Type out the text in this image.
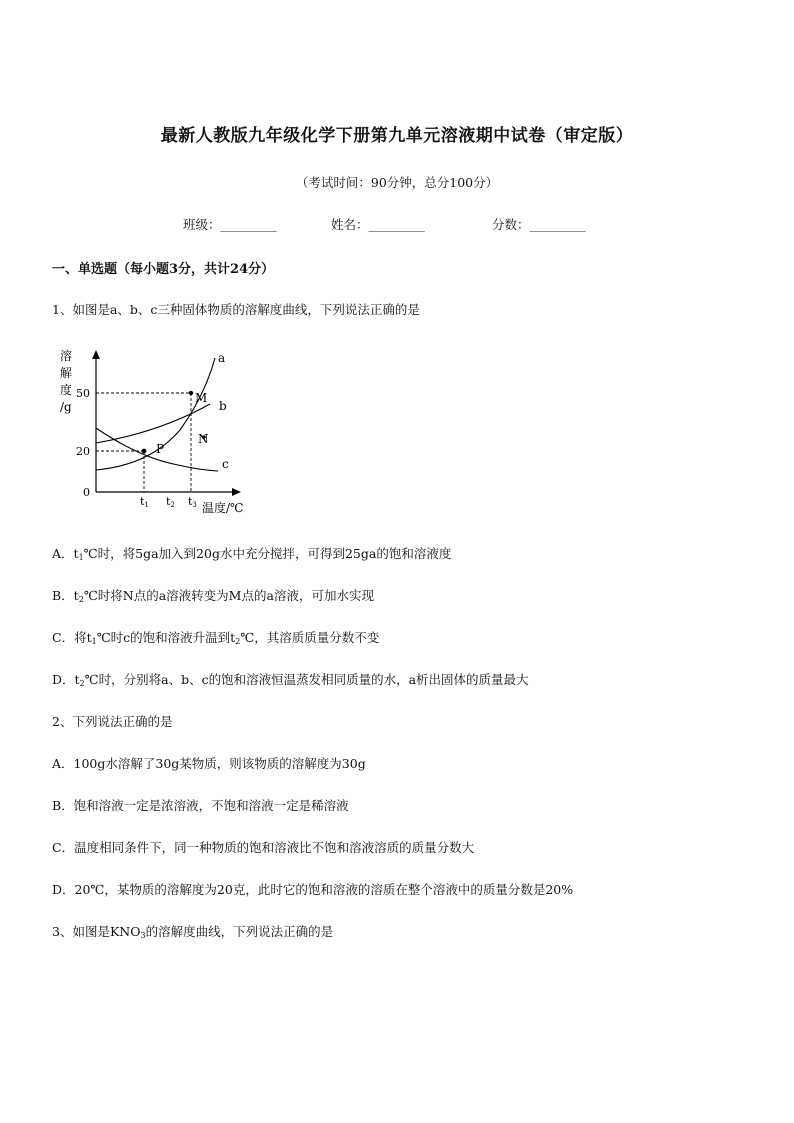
最新人教版九年级化学下册第九单元溶液期中试卷（审定版）
（考试时间：90分钟，总分100分）
班级：_________	姓名：_________	分数：_________
一、单选题（每小题3分，共计24分）
1、如图是a、b、c三种固体物质的溶解度曲线，下列说法正确的是
溶
解
度
/g
50
20
0
a
b
c
M
N
P
t1 t2 t3 温度/℃
A．$t_1℃$时，将5ga加入到20g水中充分搅拌，可得到25ga的饱和溶液度
B．$t_2℃$时将N点的a溶液转变为M点的a溶液，可加水实现
C．将$t_1℃$时c的饱和溶液升温到$t_2℃$，其溶质质量分数不变
D．$t_2℃$时，分别将a、b、c的饱和溶液恒温蒸发相同质量的水，a析出固体的质量最大
2、下列说法正确的是
A．100g水溶解了30g某物质，则该物质的溶解度为30g
B．饱和溶液一定是浓溶液，不饱和溶液一定是稀溶液
C．温度相同条件下，同一种物质的饱和溶液比不饱和溶液溶质的质量分数大
D．20℃，某物质的溶解度为20克，此时它的饱和溶液的溶质在整个溶液中的质量分数是20%
3、如图是$KNO_3$的溶解度曲线，下列说法正确的是
